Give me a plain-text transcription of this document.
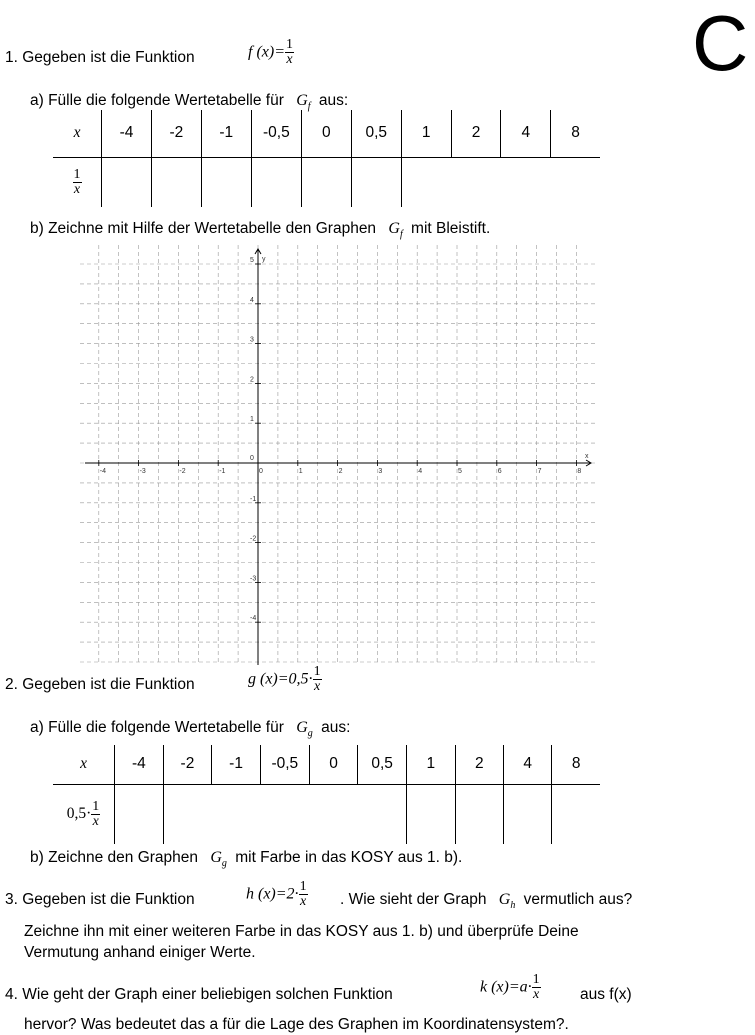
C
1. Gegeben ist die Funktion	f $(x)= \frac{1}{x}$
a) Fülle die folgende Wertetabelle für $G_f$ aus:
x	-4	-2	-1	-0,5	0	0,5	1	2	4	8

$\frac{1}{x}$

b) Zeichne mit Hilfe der Wertetabelle den Graphen $G_f$ mit Bleistift.
x
y
-4	-3	-2	-1	0	1	2	3	4	5	6	7	8
5
4
3
2
1
-1
-2
-3
-4
0
2. Gegeben ist die Funktion	g $(x)=0,5\cdot \frac{1}{x}$
a) Fülle die folgende Wertetabelle für $G_g$ aus:
x	-4	-2	-1	-0,5	0	0,5	1	2	4	8
$0,5\cdot \frac{1}{x}$

b) Zeichne den Graphen $G_g$ mit Farbe in das KOSY aus 1. b).
3. Gegeben ist die Funktion	h $(x)=2\cdot \frac{1}{x}$ . Wie sieht der Graph $G_h$ vermutlich aus?
Zeichne ihn mit einer weiteren Farbe in das KOSY aus 1. b) und überprüfe Deine
Vermutung anhand einiger Werte.
4. Wie geht der Graph einer beliebigen solchen Funktion	k $(x)=a\cdot \frac{1}{x}$	aus f(x)
hervor? Was bedeutet das a für die Lage des Graphen im Koordinatensystem?.
